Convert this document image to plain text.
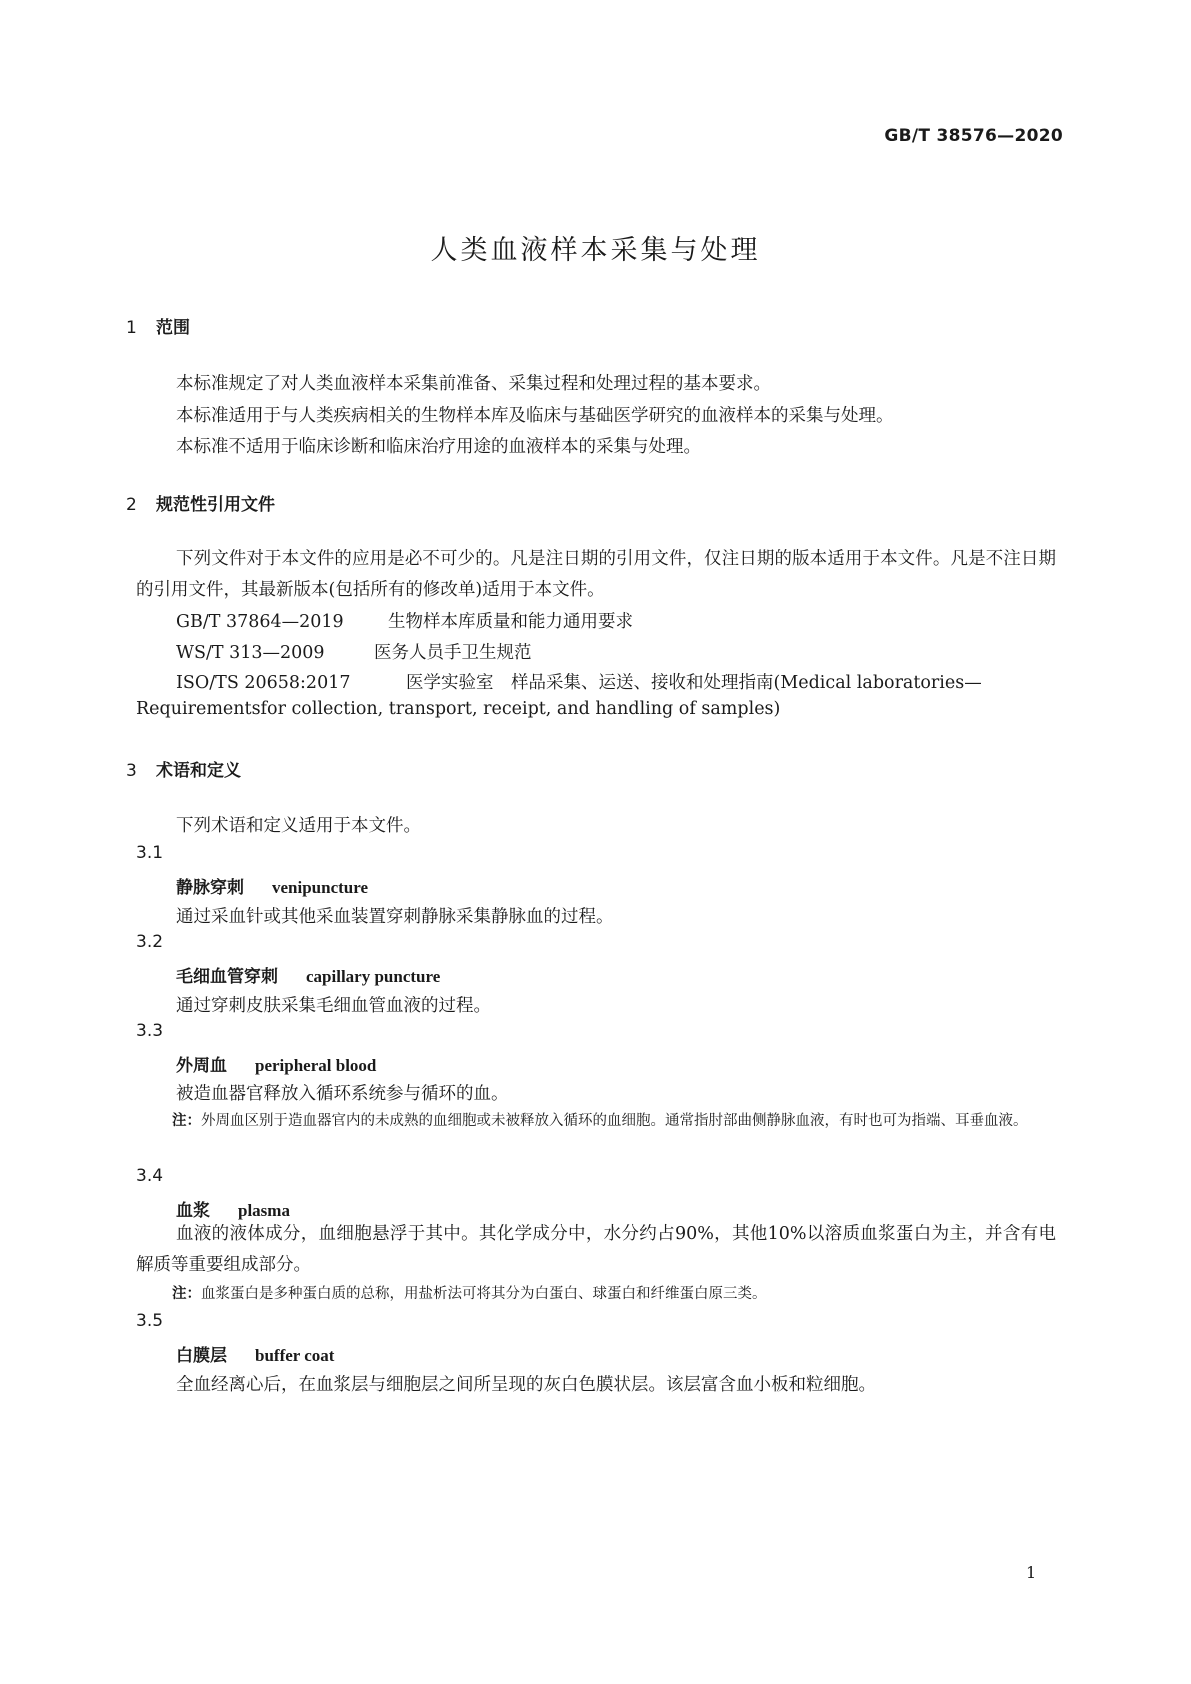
GB/T 38576—2020
人类血液样本采集与处理
1 范围
本标准规定了对人类血液样本采集前准备、采集过程和处理过程的基本要求。
本标准适用于与人类疾病相关的生物样本库及临床与基础医学研究的血液样本的采集与处理。
本标准不适用于临床诊断和临床治疗用途的血液样本的采集与处理。
2 规范性引用文件
下列文件对于本文件的应用是必不可少的。凡是注日期的引用文件，仅注日期的版本适用于本文件。凡是不注日期的引用文件，其最新版本(包括所有的修改单)适用于本文件。
GB/T 37864—2019	生物样本库质量和能力通用要求
WS/T 313—2009	医务人员手卫生规范
ISO/TS 20658:2017	医学实验室　样品采集、运送、接收和处理指南(Medical laboratories—
Requirementsfor collection, transport, receipt, and handling of samples)
3 术语和定义
下列术语和定义适用于本文件。
3.1
静脉穿刺 venipuncture
通过采血针或其他采血装置穿刺静脉采集静脉血的过程。
3.2
毛细血管穿刺 capillary puncture
通过穿刺皮肤采集毛细血管血液的过程。
3.3
外周血 peripheral blood
被造血器官释放入循环系统参与循环的血。
注：外周血区别于造血器官内的未成熟的血细胞或未被释放入循环的血细胞。通常指肘部曲侧静脉血液，有时也可为指端、耳垂血液。
3.4
血浆 plasma
血液的液体成分，血细胞悬浮于其中。其化学成分中，水分约占90%，其他10%以溶质血浆蛋白为主，并含有电解质等重要组成部分。
注：血浆蛋白是多种蛋白质的总称，用盐析法可将其分为白蛋白、球蛋白和纤维蛋白原三类。
3.5
白膜层 buffer coat
全血经离心后，在血浆层与细胞层之间所呈现的灰白色膜状层。该层富含血小板和粒细胞。
1
